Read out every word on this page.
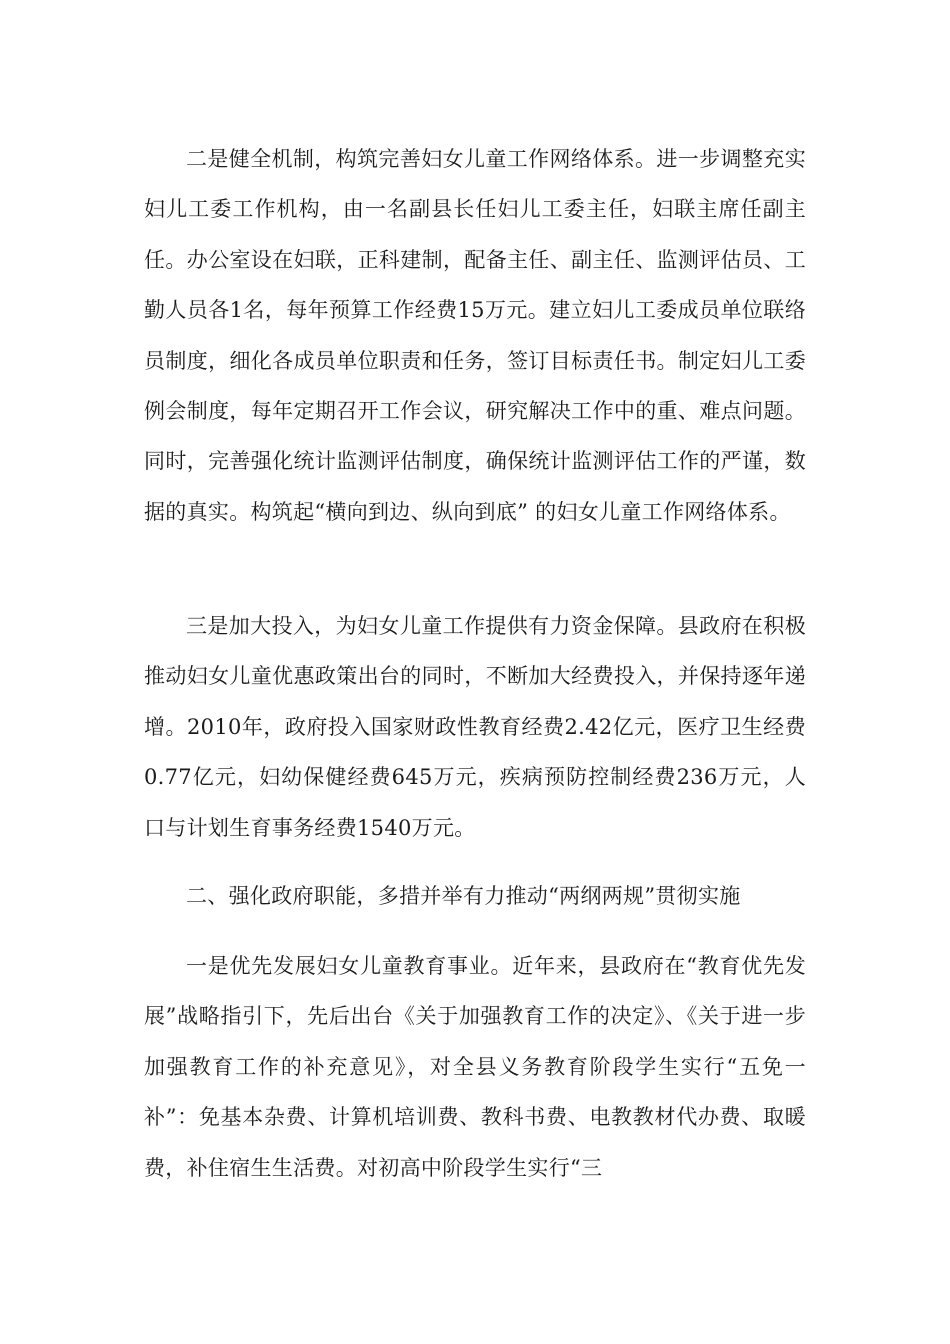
二是健全机制，构筑完善妇女儿童工作网络体系。进一步调整充实妇儿工委工作机构，由一名副县长任妇儿工委主任，妇联主席任副主任。办公室设在妇联，正科建制，配备主任、副主任、监测评估员、工勤人员各1名，每年预算工作经费15万元。建立妇儿工委成员单位联络员制度，细化各成员单位职责和任务，签订目标责任书。制定妇儿工委例会制度，每年定期召开工作会议，研究解决工作中的重、难点问题。同时，完善强化统计监测评估制度，确保统计监测评估工作的严谨，数据的真实。构筑起“横向到边、纵向到底” 的妇女儿童工作网络体系。

三是加大投入，为妇女儿童工作提供有力资金保障。县政府在积极推动妇女儿童优惠政策出台的同时，不断加大经费投入，并保持逐年递增。2010年，政府投入国家财政性教育经费2.42亿元，医疗卫生经费0.77亿元，妇幼保健经费645万元，疾病预防控制经费236万元，人口与计划生育事务经费1540万元。

二、强化政府职能，多措并举有力推动“两纲两规”贯彻实施

一是优先发展妇女儿童教育事业。近年来，县政府在“教育优先发展”战略指引下，先后出台《关于加强教育工作的决定》、《关于进一步加强教育工作的补充意见》，对全县义务教育阶段学生实行“五免一补”：免基本杂费、计算机培训费、教科书费、电教教材代办费、取暖费，补住宿生生活费。对初高中阶段学生实行“三
